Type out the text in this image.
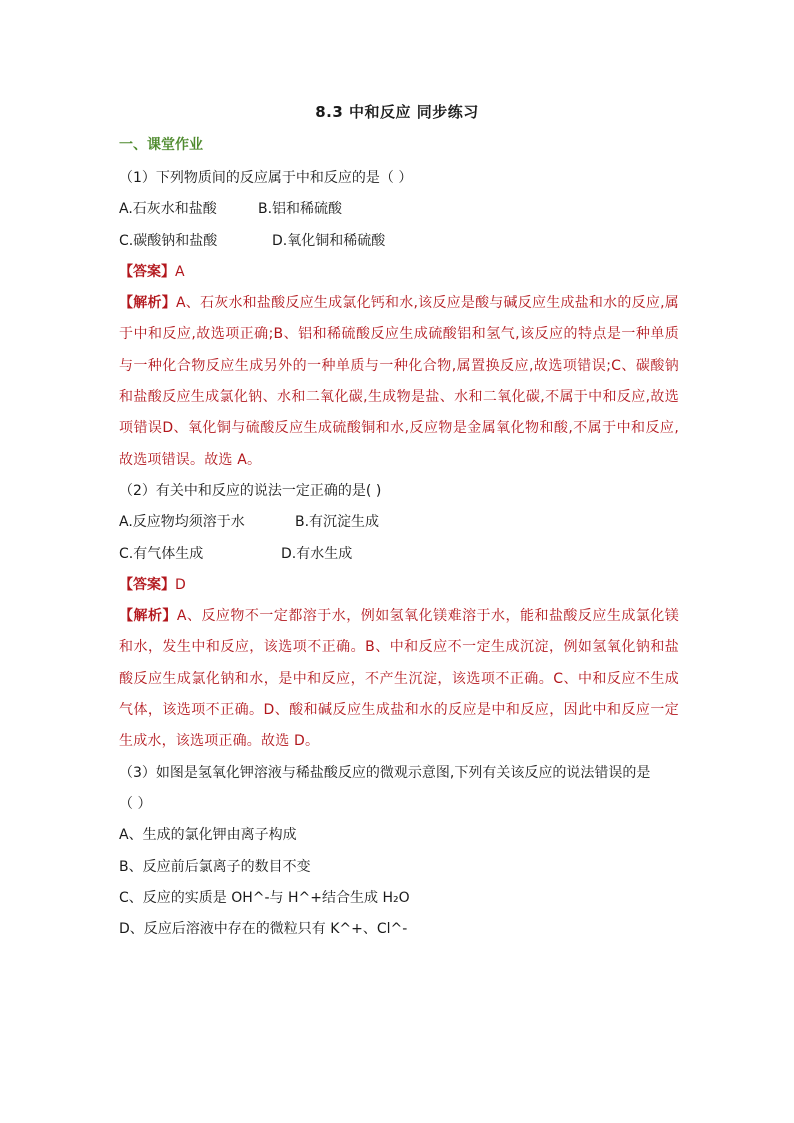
8.3 中和反应 同步练习
一、课堂作业
（1）下列物质间的反应属于中和反应的是（ ）
A.石灰水和盐酸	B.铝和稀硫酸
C.碳酸钠和盐酸	D.氧化铜和稀硫酸
【答案】A
【解析】A、石灰水和盐酸反应生成氯化钙和水,该反应是酸与碱反应生成盐和水的反应,属于中和反应,故选项正确;B、铝和稀硫酸反应生成硫酸铝和氢气,该反应的特点是一种单质与一种化合物反应生成另外的一种单质与一种化合物,属置换反应,故选项错误;C、碳酸钠和盐酸反应生成氯化钠、水和二氧化碳,生成物是盐、水和二氧化碳,不属于中和反应,故选项错误D、氧化铜与硫酸反应生成硫酸铜和水,反应物是金属氧化物和酸,不属于中和反应,故选项错误。故选 A。
（2）有关中和反应的说法一定正确的是( )
A.反应物均须溶于水	B.有沉淀生成
C.有气体生成	D.有水生成
【答案】D
【解析】A、反应物不一定都溶于水，例如氢氧化镁难溶于水，能和盐酸反应生成氯化镁和水，发生中和反应，该选项不正确。B、中和反应不一定生成沉淀，例如氢氧化钠和盐酸反应生成氯化钠和水，是中和反应，不产生沉淀，该选项不正确。C、中和反应不生成气体，该选项不正确。D、酸和碱反应生成盐和水的反应是中和反应，因此中和反应一定生成水，该选项正确。故选 D。
（3）如图是氢氧化钾溶液与稀盐酸反应的微观示意图,下列有关该反应的说法错误的是
（ ）
A、生成的氯化钾由离子构成
B、反应前后氯离子的数目不变
C、反应的实质是 OH^-与 H^+结合生成 H₂O
D、反应后溶液中存在的微粒只有 K^+、Cl^-
